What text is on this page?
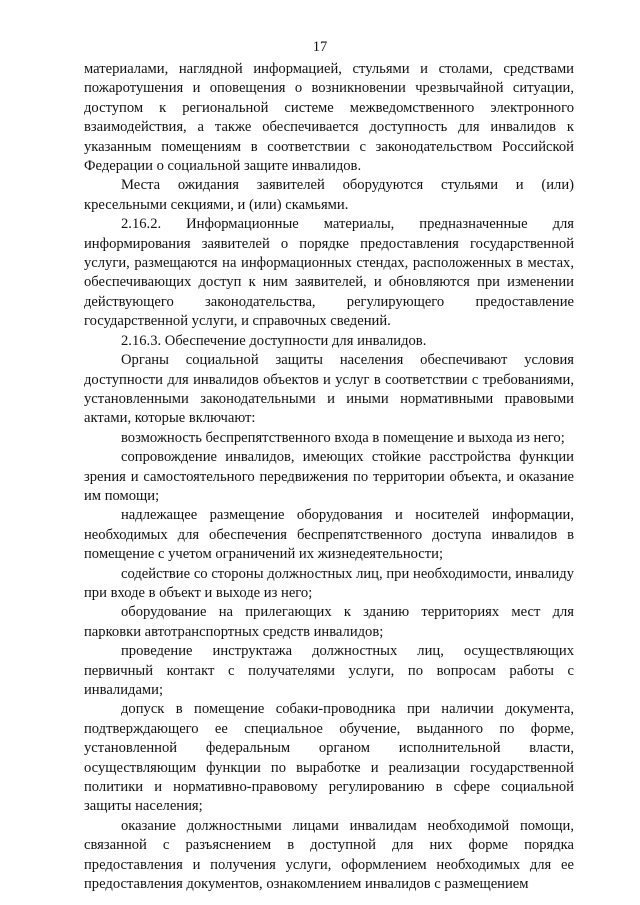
17

материалами, наглядной информацией, стульями и столами, средствами пожаротушения и оповещения о возникновении чрезвычайной ситуации, доступом к региональной системе межведомственного электронного взаимодействия, а также обеспечивается доступность для инвалидов к указанным помещениям в соответствии с законодательством Российской Федерации о социальной защите инвалидов.

Места ожидания заявителей оборудуются стульями и (или) кресельными секциями, и (или) скамьями.

2.16.2. Информационные материалы, предназначенные для информирования заявителей о порядке предоставления государственной услуги, размещаются на информационных стендах, расположенных в местах, обеспечивающих доступ к ним заявителей, и обновляются при изменении действующего законодательства, регулирующего предоставление государственной услуги, и справочных сведений.

2.16.3. Обеспечение доступности для инвалидов.

Органы социальной защиты населения обеспечивают условия доступности для инвалидов объектов и услуг в соответствии с требованиями, установленными законодательными и иными нормативными правовыми актами, которые включают:

возможность беспрепятственного входа в помещение и выхода из него;

сопровождение инвалидов, имеющих стойкие расстройства функции зрения и самостоятельного передвижения по территории объекта, и оказание им помощи;

надлежащее размещение оборудования и носителей информации, необходимых для обеспечения беспрепятственного доступа инвалидов в помещение с учетом ограничений их жизнедеятельности;

содействие со стороны должностных лиц, при необходимости, инвалиду при входе в объект и выходе из него;

оборудование на прилегающих к зданию территориях мест для парковки автотранспортных средств инвалидов;

проведение инструктажа должностных лиц, осуществляющих первичный контакт с получателями услуги, по вопросам работы с инвалидами;

допуск в помещение собаки-проводника при наличии документа, подтверждающего ее специальное обучение, выданного по форме, установленной федеральным органом исполнительной власти, осуществляющим функции по выработке и реализации государственной политики и нормативно-правовому регулированию в сфере социальной защиты населения;

оказание должностными лицами инвалидам необходимой помощи, связанной с разъяснением в доступной для них форме порядка предоставления и получения услуги, оформлением необходимых для ее предоставления документов, ознакомлением инвалидов с размещением
